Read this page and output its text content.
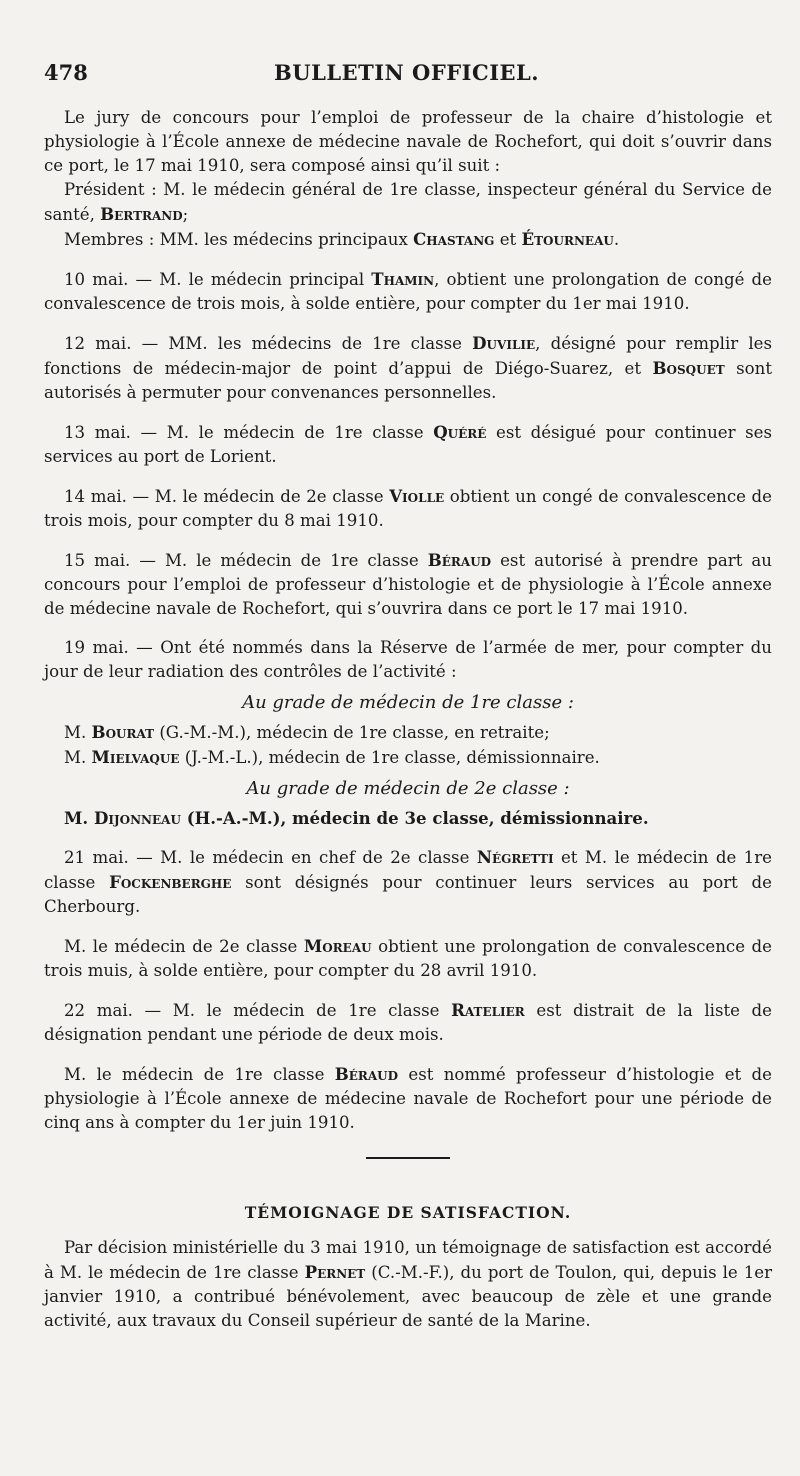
478	BULLETIN OFFICIEL.

Le jury de concours pour l’emploi de professeur de la chaire d’histologie et physiologie à l’École annexe de médecine navale de Rochefort, qui doit s’ouvrir dans ce port, le 17 mai 1910, sera composé ainsi qu’il suit :

Président : M. le médecin général de 1re classe, inspecteur général du Service de santé, Bertrand;

Membres : MM. les médecins principaux Chastang et Étourneau.

10 mai. — M. le médecin principal Thamin, obtient une prolongation de congé de convalescence de trois mois, à solde entière, pour compter du 1er mai 1910.

12 mai. — MM. les médecins de 1re classe Duvilie, désigné pour remplir les fonctions de médecin-major de point d’appui de Diégo-Suarez, et Bosquet sont autorisés à permuter pour convenances personnelles.

13 mai. — M. le médecin de 1re classe Quéré est désigué pour continuer ses services au port de Lorient.

14 mai. — M. le médecin de 2e classe Violle obtient un congé de convalescence de trois mois, pour compter du 8 mai 1910.

15 mai. — M. le médecin de 1re classe Béraud est autorisé à prendre part au concours pour l’emploi de professeur d’histologie et de physiologie à l’École annexe de médecine navale de Rochefort, qui s’ouvrira dans ce port le 17 mai 1910.

19 mai. — Ont été nommés dans la Réserve de l’armée de mer, pour compter du jour de leur radiation des contrôles de l’activité :

Au grade de médecin de 1re classe :
M. Bourat (G.-M.-M.), médecin de 1re classe, en retraite;
M. Mielvaque (J.-M.-L.), médecin de 1re classe, démissionnaire.
Au grade de médecin de 2e classe :
M. Dijonneau (H.-A.-M.), médecin de 3e classe, démissionnaire.

21 mai. — M. le médecin en chef de 2e classe Négretti et M. le médecin de 1re classe Fockenberghe sont désignés pour continuer leurs services au port de Cherbourg.

M. le médecin de 2e classe Moreau obtient une prolongation de convalescence de trois muis, à solde entière, pour compter du 28 avril 1910.

22 mai. — M. le médecin de 1re classe Ratelier est distrait de la liste de désignation pendant une période de deux mois.

M. le médecin de 1re classe Béraud est nommé professeur d’histologie et de physiologie à l’École annexe de médecine navale de Rochefort pour une période de cinq ans à compter du 1er juin 1910.

TÉMOIGNAGE DE SATISFACTION.

Par décision ministérielle du 3 mai 1910, un témoignage de satisfaction est accordé à M. le médecin de 1re classe Pernet (C.-M.-F.), du port de Toulon, qui, depuis le 1er janvier 1910, a contribué bénévolement, avec beaucoup de zèle et une grande activité, aux travaux du Conseil supérieur de santé de la Marine.
